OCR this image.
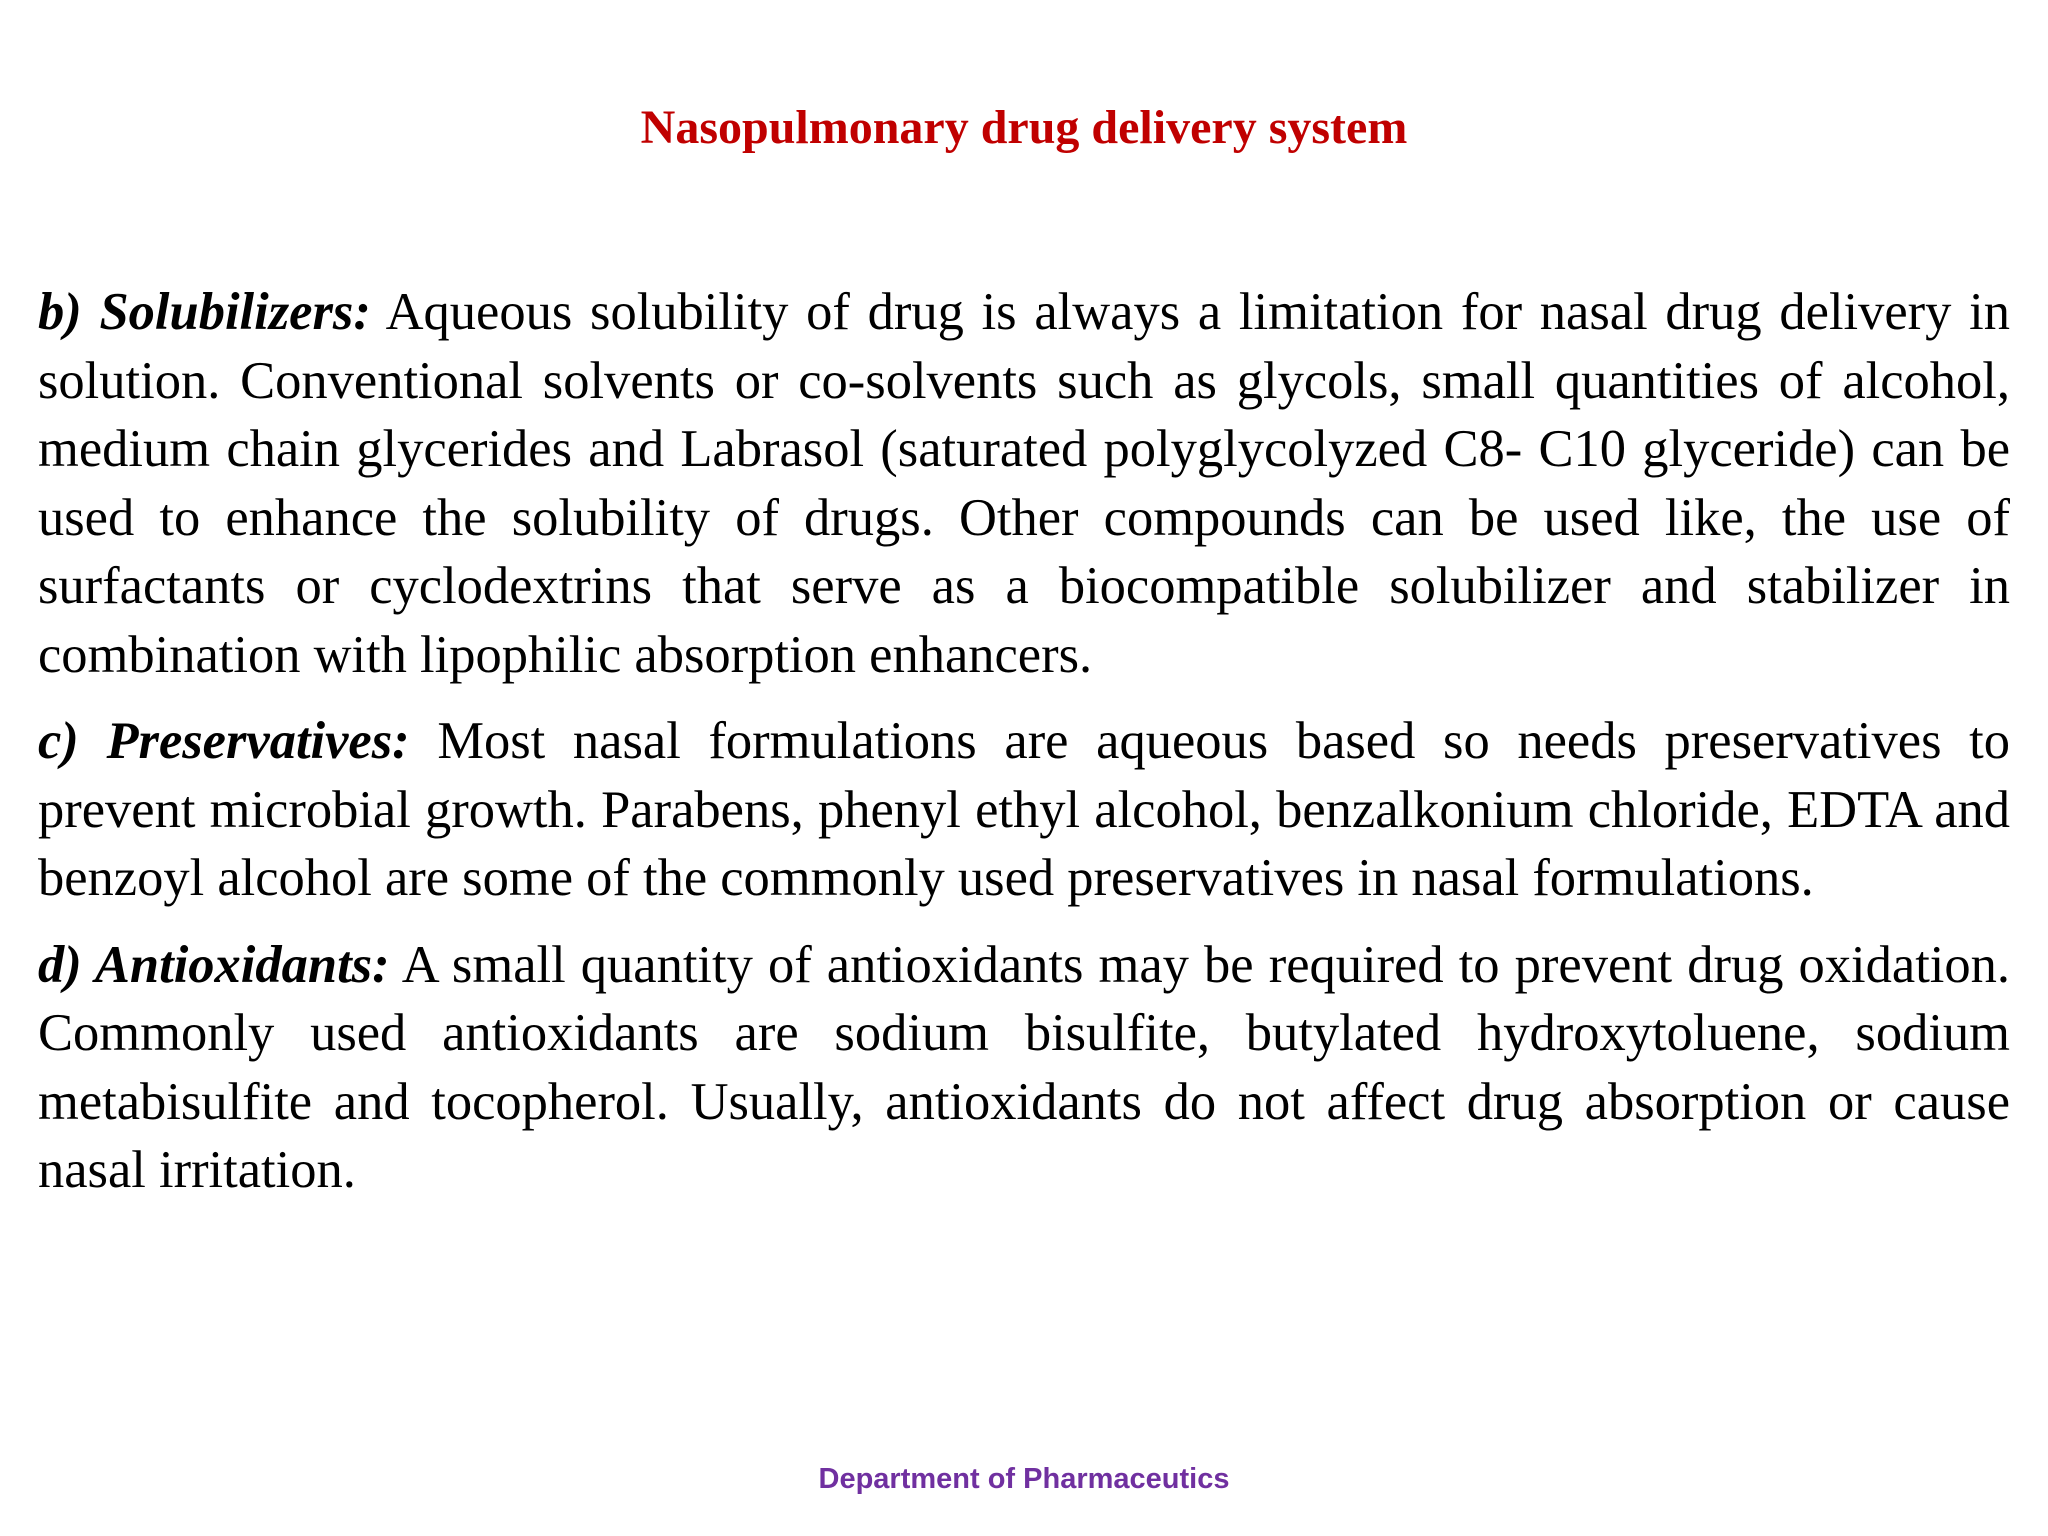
Nasopulmonary drug delivery system

b) Solubilizers: Aqueous solubility of drug is always a limitation for nasal drug delivery in solution. Conventional solvents or co-solvents such as glycols, small quantities of alcohol, medium chain glycerides and Labrasol (saturated polyglycolyzed C8- C10 glyceride) can be used to enhance the solubility of drugs. Other compounds can be used like, the use of surfactants or cyclodextrins that serve as a biocompatible solubilizer and stabilizer in combination with lipophilic absorption enhancers.

c) Preservatives: Most nasal formulations are aqueous based so needs preservatives to prevent microbial growth. Parabens, phenyl ethyl alcohol, benzalkonium chloride, EDTA and benzoyl alcohol are some of the commonly used preservatives in nasal formulations.

d) Antioxidants: A small quantity of antioxidants may be required to prevent drug oxidation. Commonly used antioxidants are sodium bisulfite, butylated hydroxytoluene, sodium metabisulfite and tocopherol. Usually, antioxidants do not affect drug absorption or cause nasal irritation.

Department of Pharmaceutics
